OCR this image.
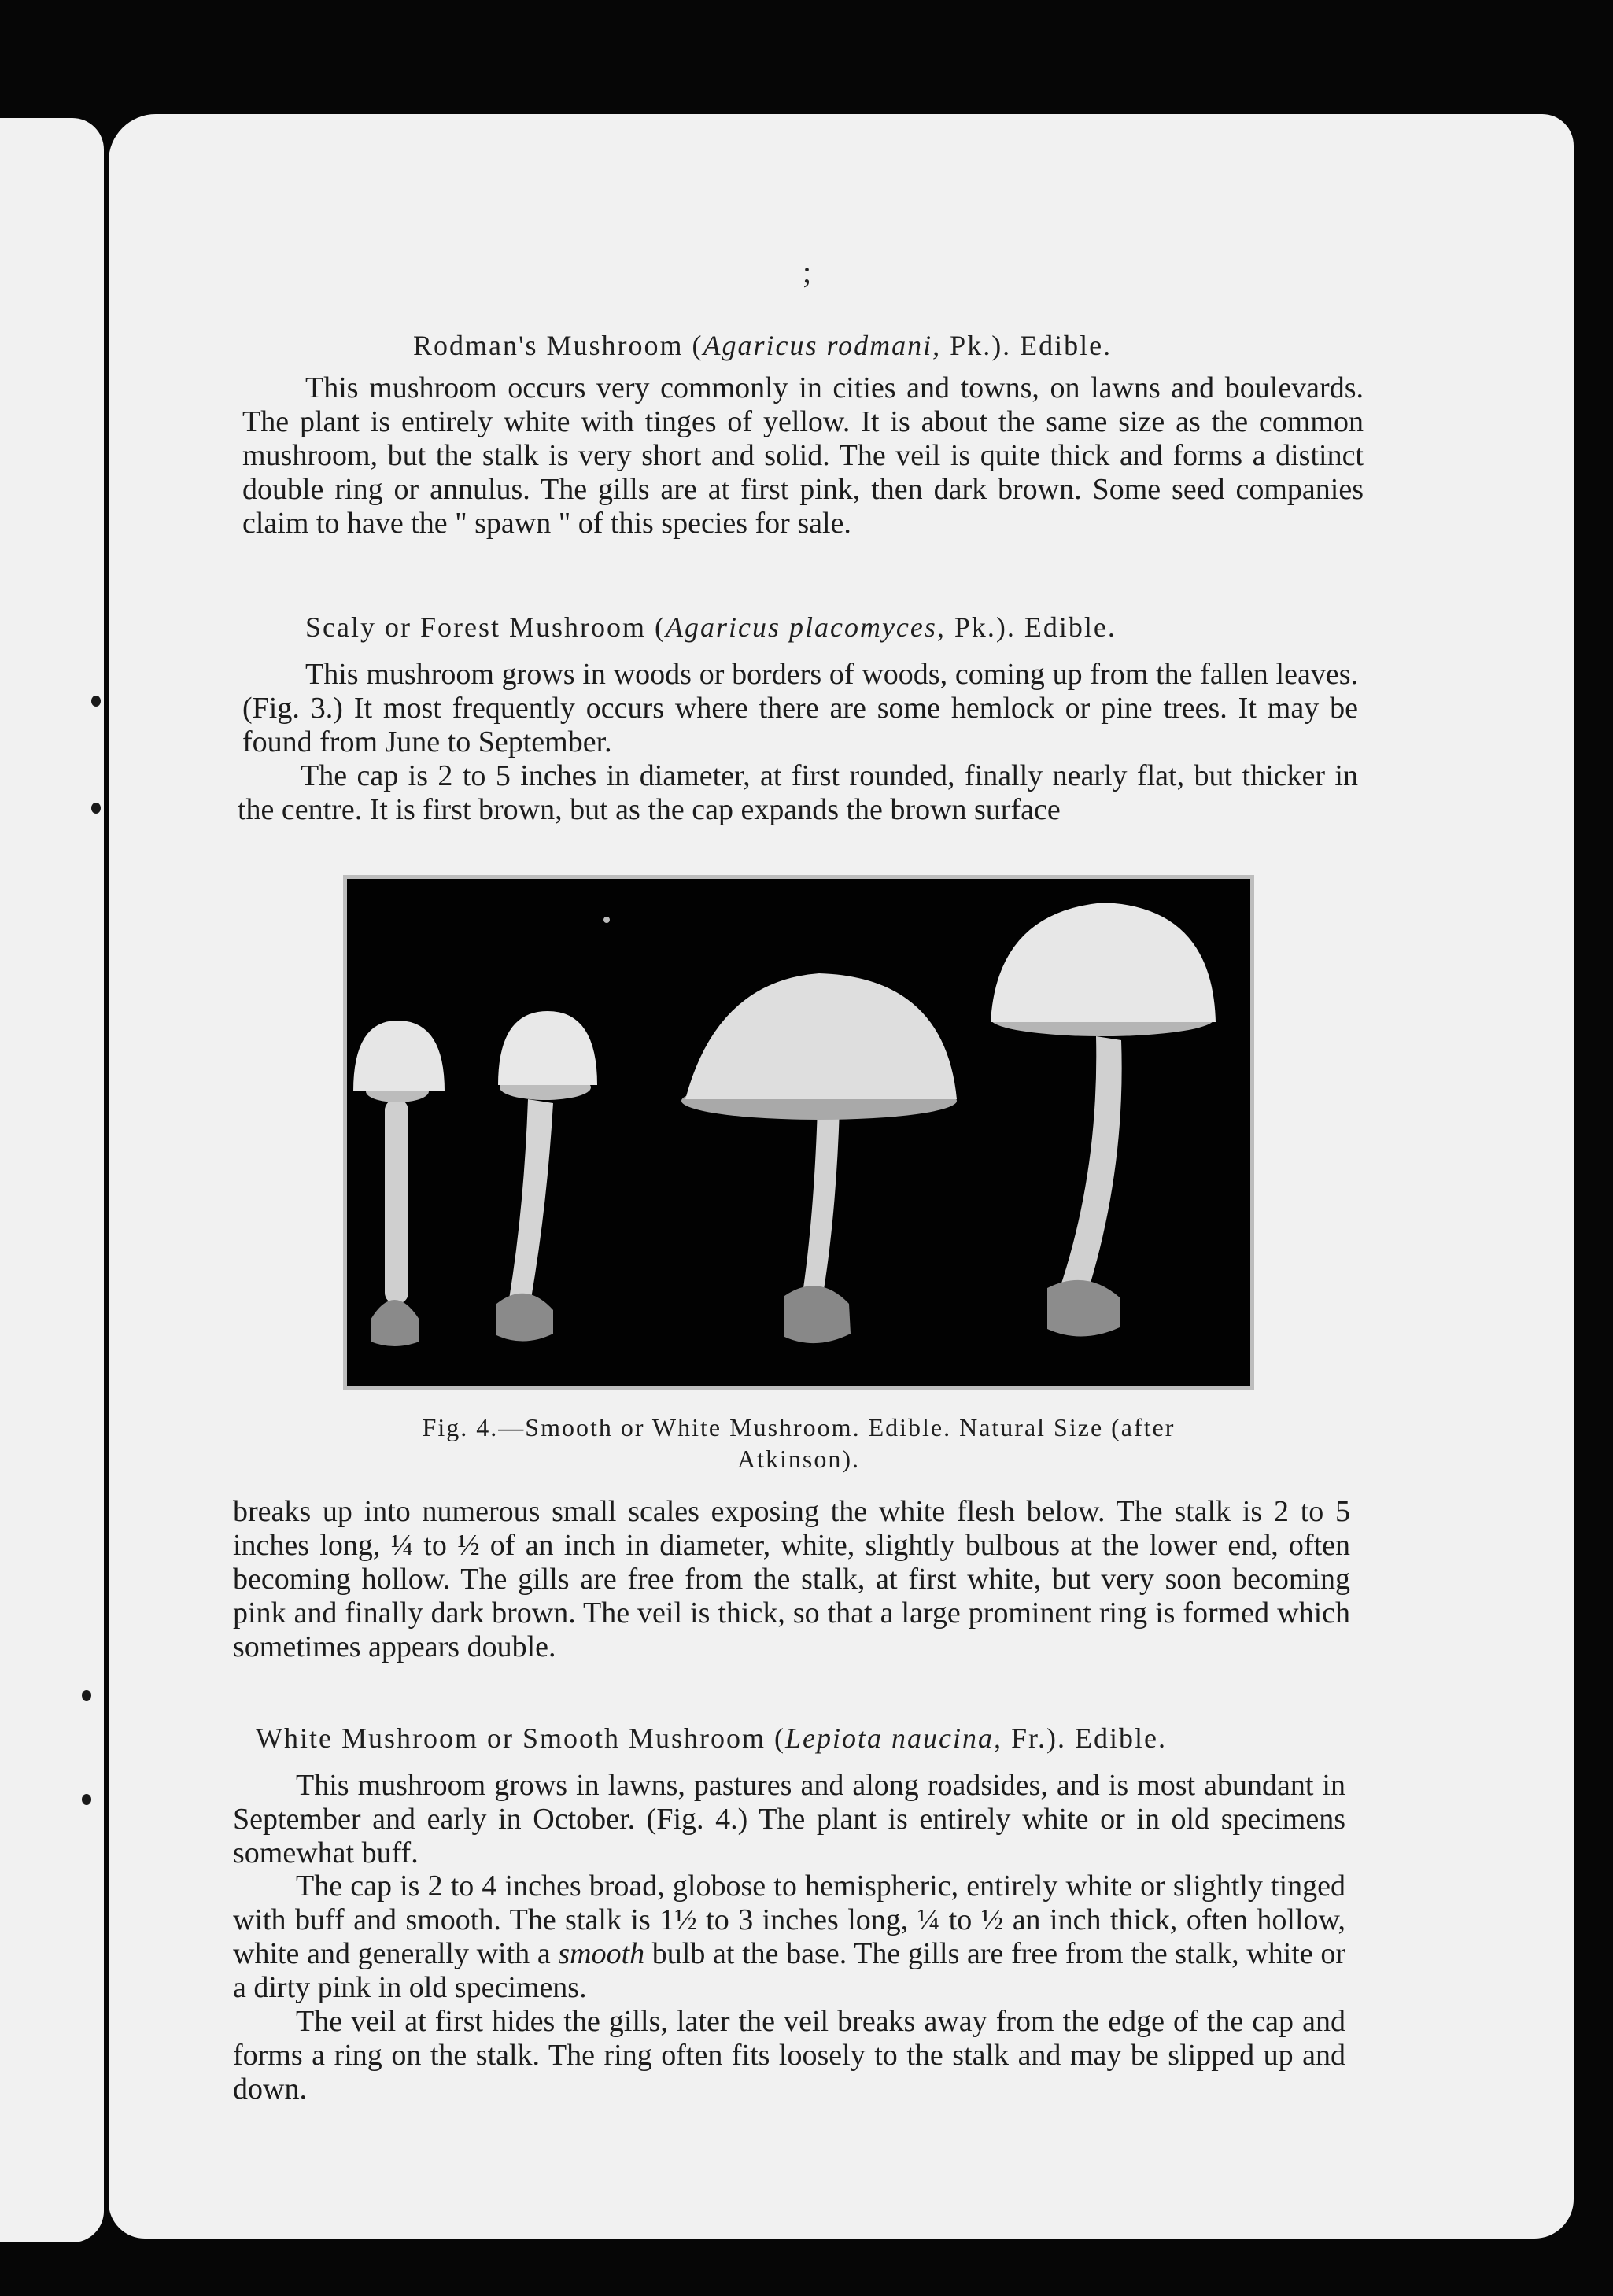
;
Rodman's Mushroom (Agaricus rodmani, Pk.). Edible.
This mushroom occurs very commonly in cities and towns, on lawns and boulevards. The plant is entirely white with tinges of yellow. It is about the same size as the common mushroom, but the stalk is very short and solid. The veil is quite thick and forms a distinct double ring or annulus. The gills are at first pink, then dark brown. Some seed companies claim to have the " spawn " of this species for sale.
Scaly or Forest Mushroom (Agaricus placomyces, Pk.). Edible.
This mushroom grows in woods or borders of woods, coming up from the fallen leaves. (Fig. 3.) It most frequently occurs where there are some hemlock or pine trees. It may be found from June to September.
The cap is 2 to 5 inches in diameter, at first rounded, finally nearly flat, but thicker in the centre. It is first brown, but as the cap expands the brown surface
Fig. 4.—Smooth or White Mushroom. Edible. Natural Size (after
Atkinson).
breaks up into numerous small scales exposing the white flesh below. The stalk is 2 to 5 inches long, ¼ to ½ of an inch in diameter, white, slightly bulbous at the lower end, often becoming hollow. The gills are free from the stalk, at first white, but very soon becoming pink and finally dark brown. The veil is thick, so that a large prominent ring is formed which sometimes appears double.
White Mushroom or Smooth Mushroom (Lepiota naucina, Fr.). Edible.
This mushroom grows in lawns, pastures and along roadsides, and is most abundant in September and early in October. (Fig. 4.) The plant is entirely white or in old specimens somewhat buff.
The cap is 2 to 4 inches broad, globose to hemispheric, entirely white or slightly tinged with buff and smooth. The stalk is 1½ to 3 inches long, ¼ to ½ an inch thick, often hollow, white and generally with a smooth bulb at the base. The gills are free from the stalk, white or a dirty pink in old specimens.
The veil at first hides the gills, later the veil breaks away from the edge of the cap and forms a ring on the stalk. The ring often fits loosely to the stalk and may be slipped up and down.
